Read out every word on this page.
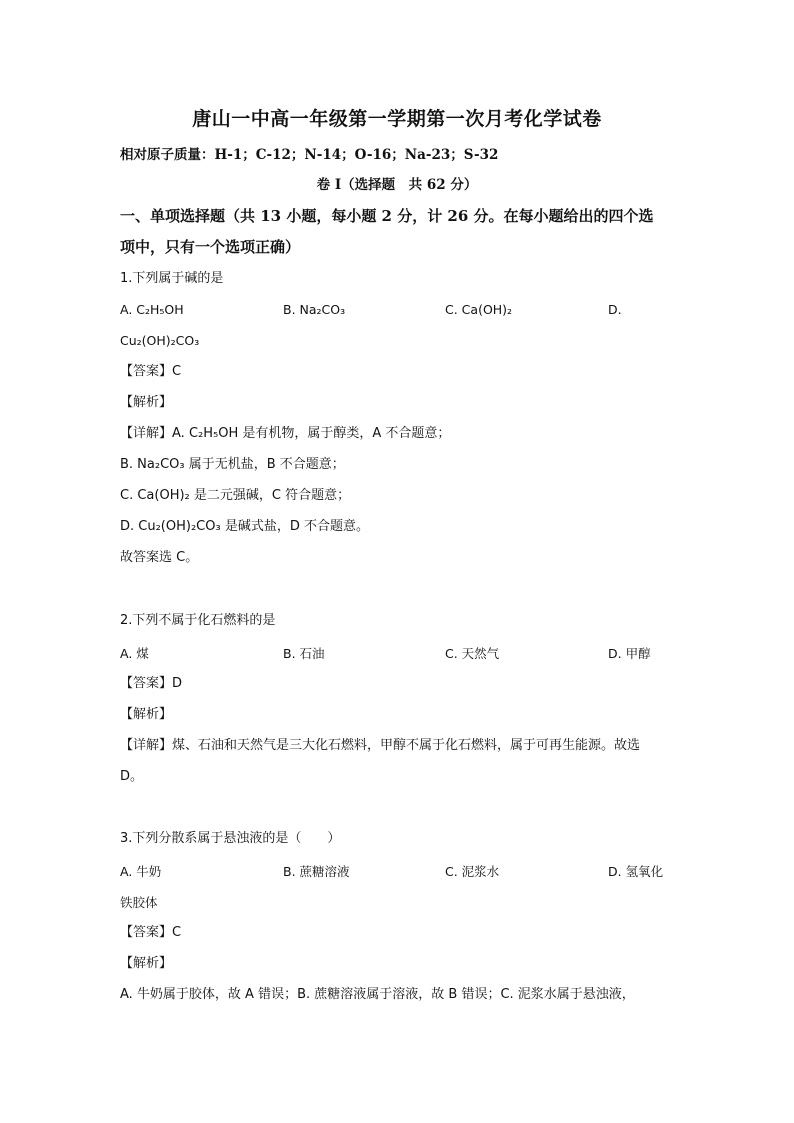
唐山一中高一年级第一学期第一次月考化学试卷
相对原子质量：H-1；C-12；N-14；O-16；Na-23；S-32
卷 I（选择题　共 62 分）
一、单项选择题（共 13 小题，每小题 2 分，计 26 分。在每小题给出的四个选
项中，只有一个选项正确）
1.下列属于碱的是
A. C₂H₅OH	B. Na₂CO₃	C. Ca(OH)₂	D.
Cu₂(OH)₂CO₃
【答案】C
【解析】
【详解】A. C₂H₅OH 是有机物，属于醇类，A 不合题意；
B. Na₂CO₃ 属于无机盐，B 不合题意；
C. Ca(OH)₂ 是二元强碱，C 符合题意；
D. Cu₂(OH)₂CO₃ 是碱式盐，D 不合题意。
故答案选 C。
2.下列不属于化石燃料的是
A. 煤	B. 石油	C. 天然气	D. 甲醇
【答案】D
【解析】
【详解】煤、石油和天然气是三大化石燃料，甲醇不属于化石燃料，属于可再生能源。故选
D。
3.下列分散系属于悬浊液的是（　　）
A. 牛奶	B. 蔗糖溶液	C. 泥浆水	D. 氢氧化
铁胶体
【答案】C
【解析】
A. 牛奶属于胶体，故 A 错误；B. 蔗糖溶液属于溶液，故 B 错误；C. 泥浆水属于悬浊液，
